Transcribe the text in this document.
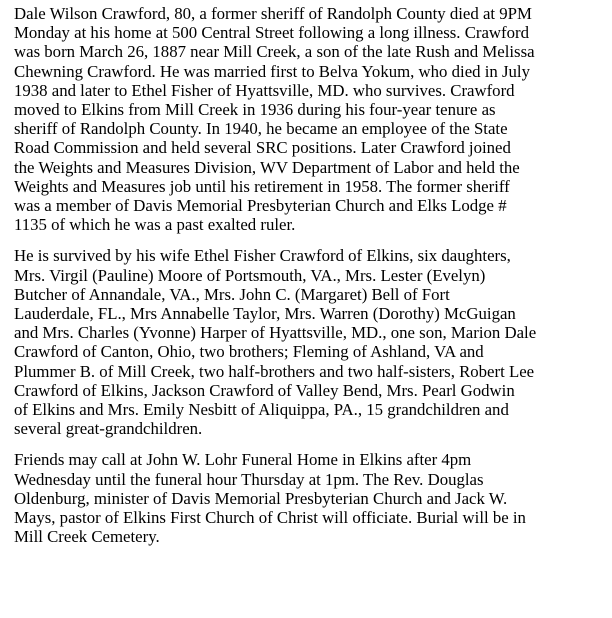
Dale Wilson Crawford, 80, a former sheriff of Randolph County died at 9PM
Monday at his home at 500 Central Street following a long illness. Crawford
was born March 26, 1887 near Mill Creek, a son of the late Rush and Melissa
Chewning Crawford. He was married first to Belva Yokum, who died in July
1938 and later to Ethel Fisher of Hyattsville, MD. who survives. Crawford
moved to Elkins from Mill Creek in 1936 during his four-year tenure as
sheriff of Randolph County. In 1940, he became an employee of the State
Road Commission and held several SRC positions. Later Crawford joined
the Weights and Measures Division, WV Department of Labor and held the
Weights and Measures job until his retirement in 1958. The former sheriff
was a member of Davis Memorial Presbyterian Church and Elks Lodge #
1135 of which he was a past exalted ruler.

He is survived by his wife Ethel Fisher Crawford of Elkins, six daughters,
Mrs. Virgil (Pauline) Moore of Portsmouth, VA., Mrs. Lester (Evelyn)
Butcher of Annandale, VA., Mrs. John C. (Margaret) Bell of Fort
Lauderdale, FL., Mrs Annabelle Taylor, Mrs. Warren (Dorothy) McGuigan
and Mrs. Charles (Yvonne) Harper of Hyattsville, MD., one son, Marion Dale
Crawford of Canton, Ohio, two brothers; Fleming of Ashland, VA and
Plummer B. of Mill Creek, two half-brothers and two half-sisters, Robert Lee
Crawford of Elkins, Jackson Crawford of Valley Bend, Mrs. Pearl Godwin
of Elkins and Mrs. Emily Nesbitt of Aliquippa, PA., 15 grandchildren and
several great-grandchildren.

Friends may call at John W. Lohr Funeral Home in Elkins after 4pm
Wednesday until the funeral hour Thursday at 1pm. The Rev. Douglas
Oldenburg, minister of Davis Memorial Presbyterian Church and Jack W.
Mays, pastor of Elkins First Church of Christ will officiate. Burial will be in
Mill Creek Cemetery.
